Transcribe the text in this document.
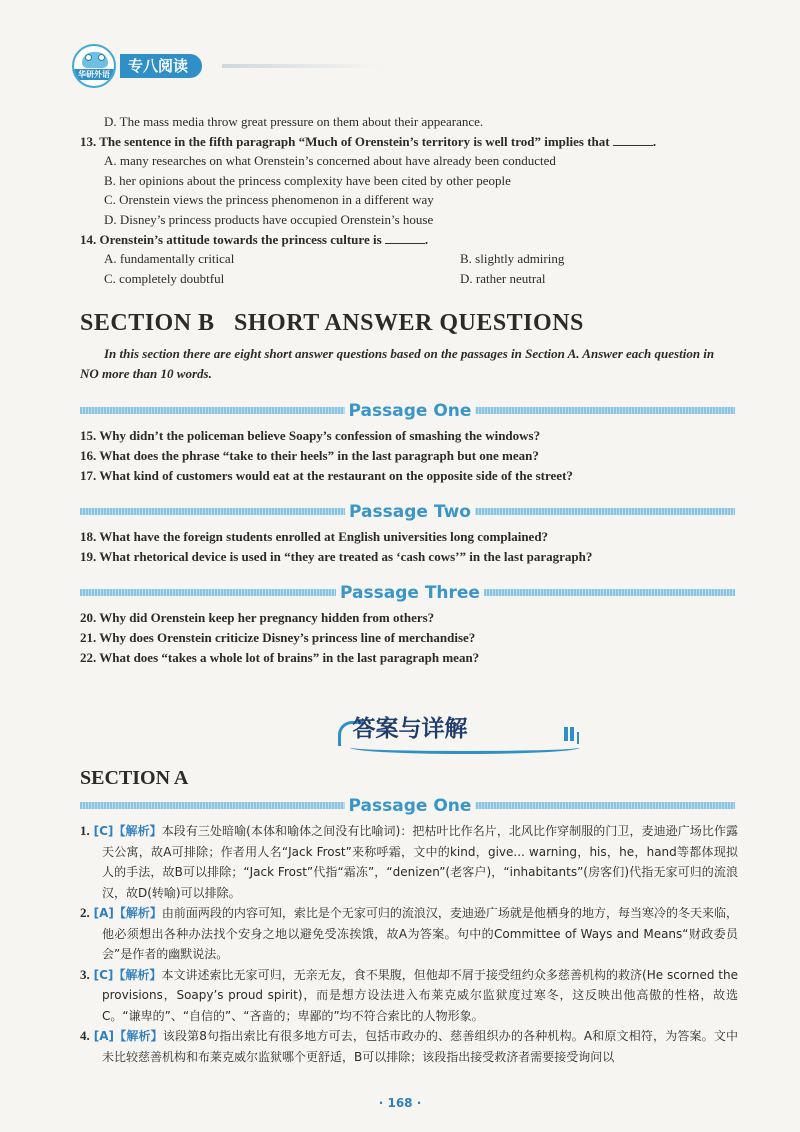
华研外语	专八阅读
D. The mass media throw great pressure on them about their appearance.
13. The sentence in the fifth paragraph “Much of Orenstein’s territory is well trod” implies that	.
A. many researches on what Orenstein’s concerned about have already been conducted
B. her opinions about the princess complexity have been cited by other people
C. Orenstein views the princess phenomenon in a different way
D. Disney’s princess products have occupied Orenstein’s house
14. Orenstein’s attitude towards the princess culture is	.
A. fundamentally critical	B. slightly admiring
C. completely doubtful	D. rather neutral
SECTION B   SHORT ANSWER QUESTIONS
In this section there are eight short answer questions based on the passages in Section A. Answer each question in NO more than 10 words.
Passage One
15. Why didn’t the policeman believe Soapy’s confession of smashing the windows?
16. What does the phrase “take to their heels” in the last paragraph but one mean?
17. What kind of customers would eat at the restaurant on the opposite side of the street?
Passage Two
18. What have the foreign students enrolled at English universities long complained?
19. What rhetorical device is used in “they are treated as ‘cash cows’” in the last paragraph?
Passage Three
20. Why did Orenstein keep her pregnancy hidden from others?
21. Why does Orenstein criticize Disney’s princess line of merchandise?
22. What does “takes a whole lot of brains” in the last paragraph mean?
答案与详解
SECTION A
Passage One

1. [C]【解析】本段有三处暗喻(本体和喻体之间没有比喻词)：把枯叶比作名片，北风比作穿制服的门卫，麦迪逊广场比作露天公寓，故A可排除；作者用人名“Jack Frost”来称呼霜，文中的kind，give... warning，his，he，hand等都体现拟人的手法，故B可以排除；“Jack Frost”代指“霜冻”，“denizen”(老客户)，“inhabitants”(房客们)代指无家可归的流浪汉，故D(转喻)可以排除。

2. [A]【解析】由前面两段的内容可知，索比是个无家可归的流浪汉，麦迪逊广场就是他栖身的地方，每当寒冷的冬天来临，他必须想出各种办法找个安身之地以避免受冻挨饿，故A为答案。句中的Committee of Ways and Means“财政委员会”是作者的幽默说法。

3. [C]【解析】本文讲述索比无家可归，无亲无友，食不果腹，但他却不屑于接受纽约众多慈善机构的救济(He scorned the provisions，Soapy’s proud spirit)，而是想方设法进入布莱克威尔监狱度过寒冬，这反映出他高傲的性格，故选C。“谦卑的”、“自信的”、“吝啬的；卑鄙的”均不符合索比的人物形象。

4. [A]【解析】该段第8句指出索比有很多地方可去，包括市政办的、慈善组织办的各种机构。A和原文相符，为答案。文中未比较慈善机构和布莱克威尔监狱哪个更舒适，B可以排除；该段指出接受救济者需要接受询问以

· 168 ·
